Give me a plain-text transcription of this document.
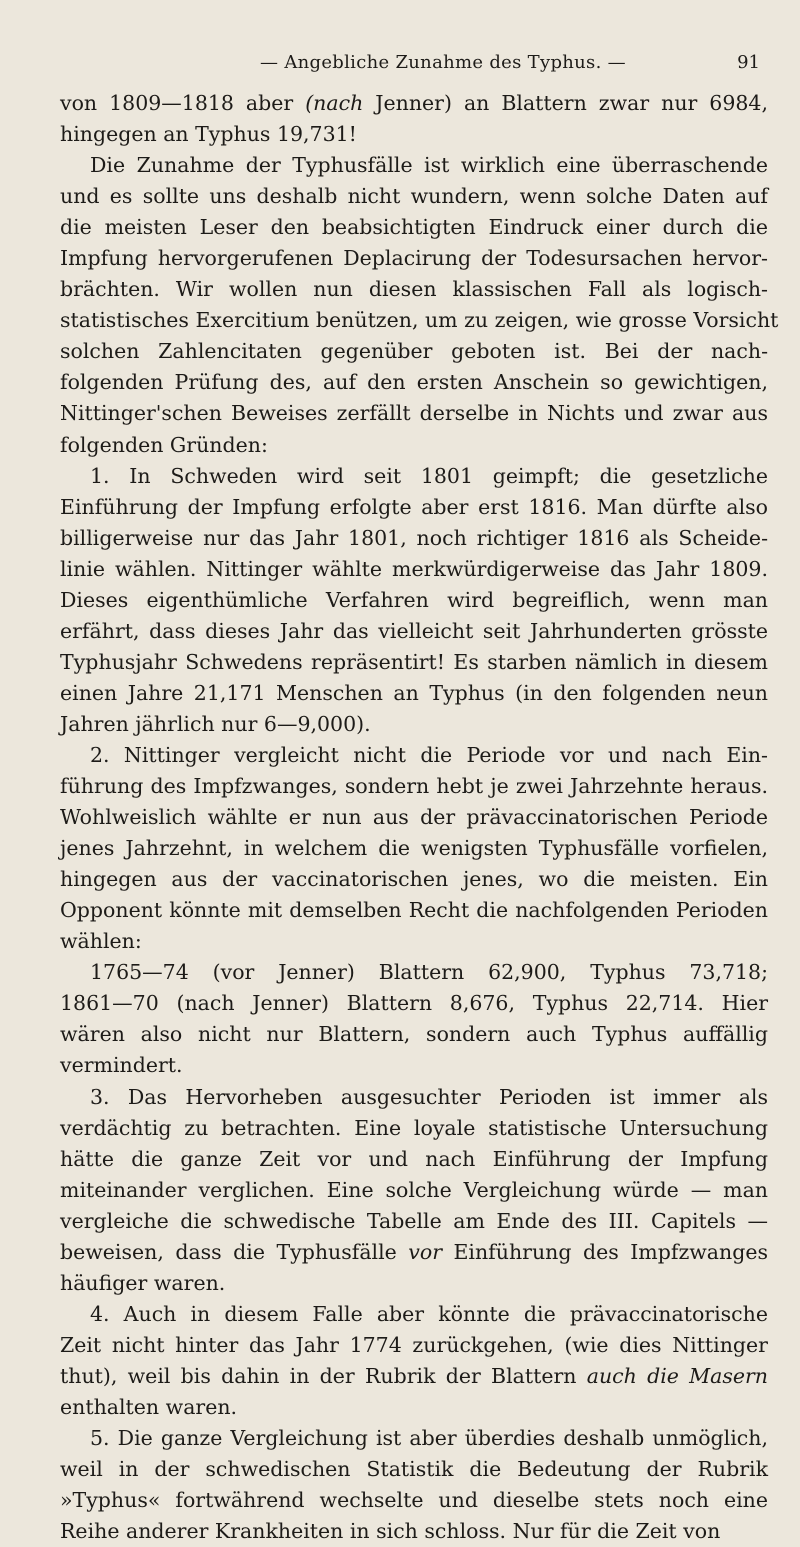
— Angebliche Zunahme des Typhus. —	91
von 1809—1818 aber (nach Jenner) an Blattern zwar nur 6984,
hingegen an Typhus 19,731!
Die Zunahme der Typhusfälle ist wirklich eine überraschende
und es sollte uns deshalb nicht wundern, wenn solche Daten auf
die meisten Leser den beabsichtigten Eindruck einer durch die
Impfung hervorgerufenen Deplacirung der Todesursachen hervor-
brächten. Wir wollen nun diesen klassischen Fall als logisch-
statistisches Exercitium benützen, um zu zeigen, wie grosse Vorsicht
solchen Zahlencitaten gegenüber geboten ist. Bei der nach-
folgenden Prüfung des, auf den ersten Anschein so gewichtigen,
Nittinger'schen Beweises zerfällt derselbe in Nichts und zwar aus
folgenden Gründen:
1. In Schweden wird seit 1801 geimpft; die gesetzliche
Einführung der Impfung erfolgte aber erst 1816. Man dürfte also
billigerweise nur das Jahr 1801, noch richtiger 1816 als Scheide-
linie wählen. Nittinger wählte merkwürdigerweise das Jahr 1809.
Dieses eigenthümliche Verfahren wird begreiflich, wenn man
erfährt, dass dieses Jahr das vielleicht seit Jahrhunderten grösste
Typhusjahr Schwedens repräsentirt! Es starben nämlich in diesem
einen Jahre 21,171 Menschen an Typhus (in den folgenden neun
Jahren jährlich nur 6—9,000).
2. Nittinger vergleicht nicht die Periode vor und nach Ein-
führung des Impfzwanges, sondern hebt je zwei Jahrzehnte heraus.
Wohlweislich wählte er nun aus der prävaccinatorischen Periode
jenes Jahrzehnt, in welchem die wenigsten Typhusfälle vorfielen,
hingegen aus der vaccinatorischen jenes, wo die meisten. Ein
Opponent könnte mit demselben Recht die nachfolgenden Perioden
wählen:
1765—74 (vor Jenner) Blattern 62,900, Typhus 73,718;
1861—70 (nach Jenner) Blattern 8,676, Typhus 22,714. Hier
wären also nicht nur Blattern, sondern auch Typhus auffällig
vermindert.
3. Das Hervorheben ausgesuchter Perioden ist immer als
verdächtig zu betrachten. Eine loyale statistische Untersuchung
hätte die ganze Zeit vor und nach Einführung der Impfung
miteinander verglichen. Eine solche Vergleichung würde — man
vergleiche die schwedische Tabelle am Ende des III. Capitels —
beweisen, dass die Typhusfälle vor Einführung des Impfzwanges
häufiger waren.
4. Auch in diesem Falle aber könnte die prävaccinatorische
Zeit nicht hinter das Jahr 1774 zurückgehen, (wie dies Nittinger
thut), weil bis dahin in der Rubrik der Blattern auch die Masern
enthalten waren.
5. Die ganze Vergleichung ist aber überdies deshalb unmöglich,
weil in der schwedischen Statistik die Bedeutung der Rubrik
»Typhus« fortwährend wechselte und dieselbe stets noch eine
Reihe anderer Krankheiten in sich schloss. Nur für die Zeit von
